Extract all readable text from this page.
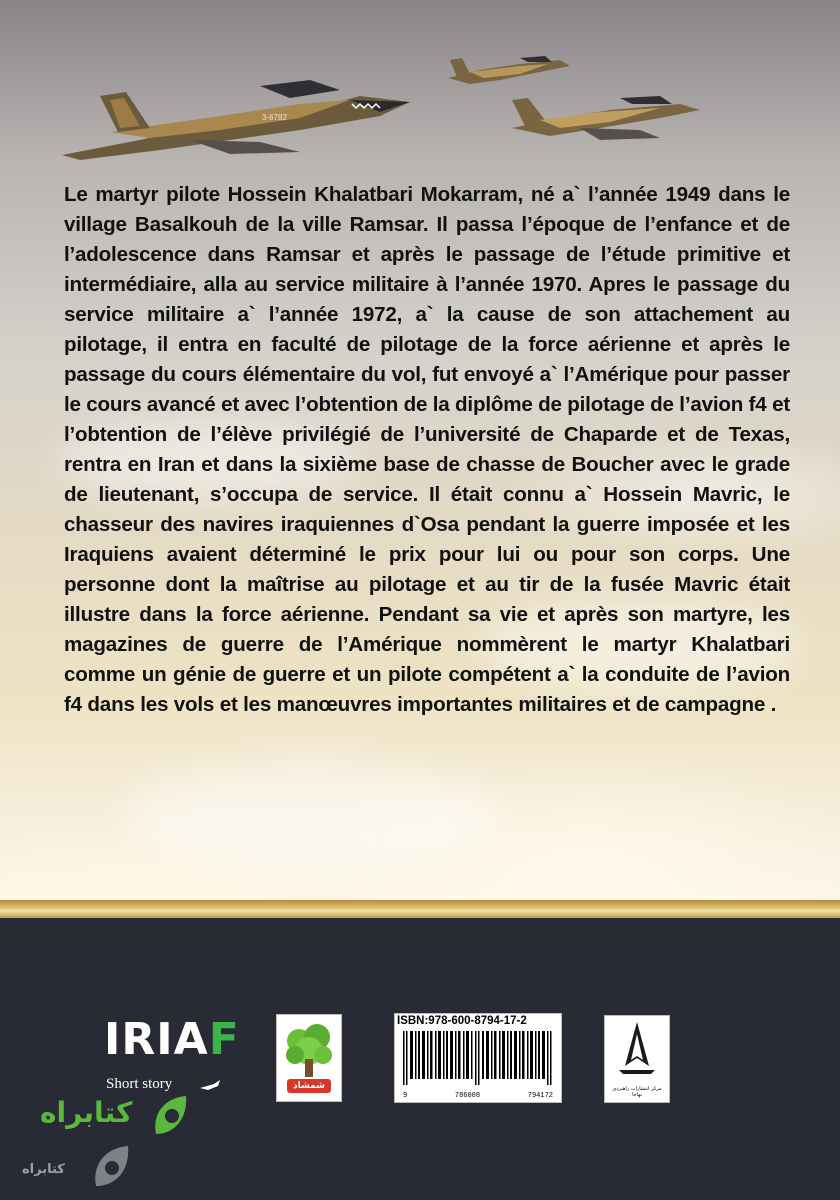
3-6782

Le martyr pilote Hossein Khalatbari Mokarram, né a` l’année 1949 dans le village Basalkouh de la ville Ramsar. Il passa l’époque de l’enfance et de l’adolescence dans Ramsar et après le passage de l’étude primitive et intermédiaire, alla au service militaire à l’année 1970. Apres le passage du service militaire a` l’année 1972, a` la cause de son attachement au pilotage, il entra en faculté de pilotage de la force aérienne et après le passage du cours élémentaire du vol, fut envoyé a` l’Amérique pour passer le cours avancé et avec l’obtention de la diplôme de pilotage de l’avion f4 et l’obtention de l’élève privilégié de l’université de Chaparde et de Texas, rentra en Iran et dans la sixième base de chasse de Boucher avec le grade de lieutenant, s’occupa de service. Il était connu a` Hossein Mavric, le chasseur des navires iraquiennes d`Osa pendant la guerre imposée et les Iraquiens avaient déterminé le prix pour lui ou pour son corps. Une personne dont la maîtrise au pilotage et au tir de la fusée Mavric était illustre dans la force aérienne. Pendant sa vie et après son martyre, les magazines de guerre de l’Amérique nommèrent le martyr Khalatbari comme un génie de guerre et un pilote compétent a` la conduite de l’avion f4 dans les vols et les manœuvres importantes militaires et de campagne .

IRIAF
Short story	شمشاد
ISBN:978-600-8794-17-2
9	786008	794172
مرکز انتشارات راهبردی نهاجا
کتابراه
کتابراه
